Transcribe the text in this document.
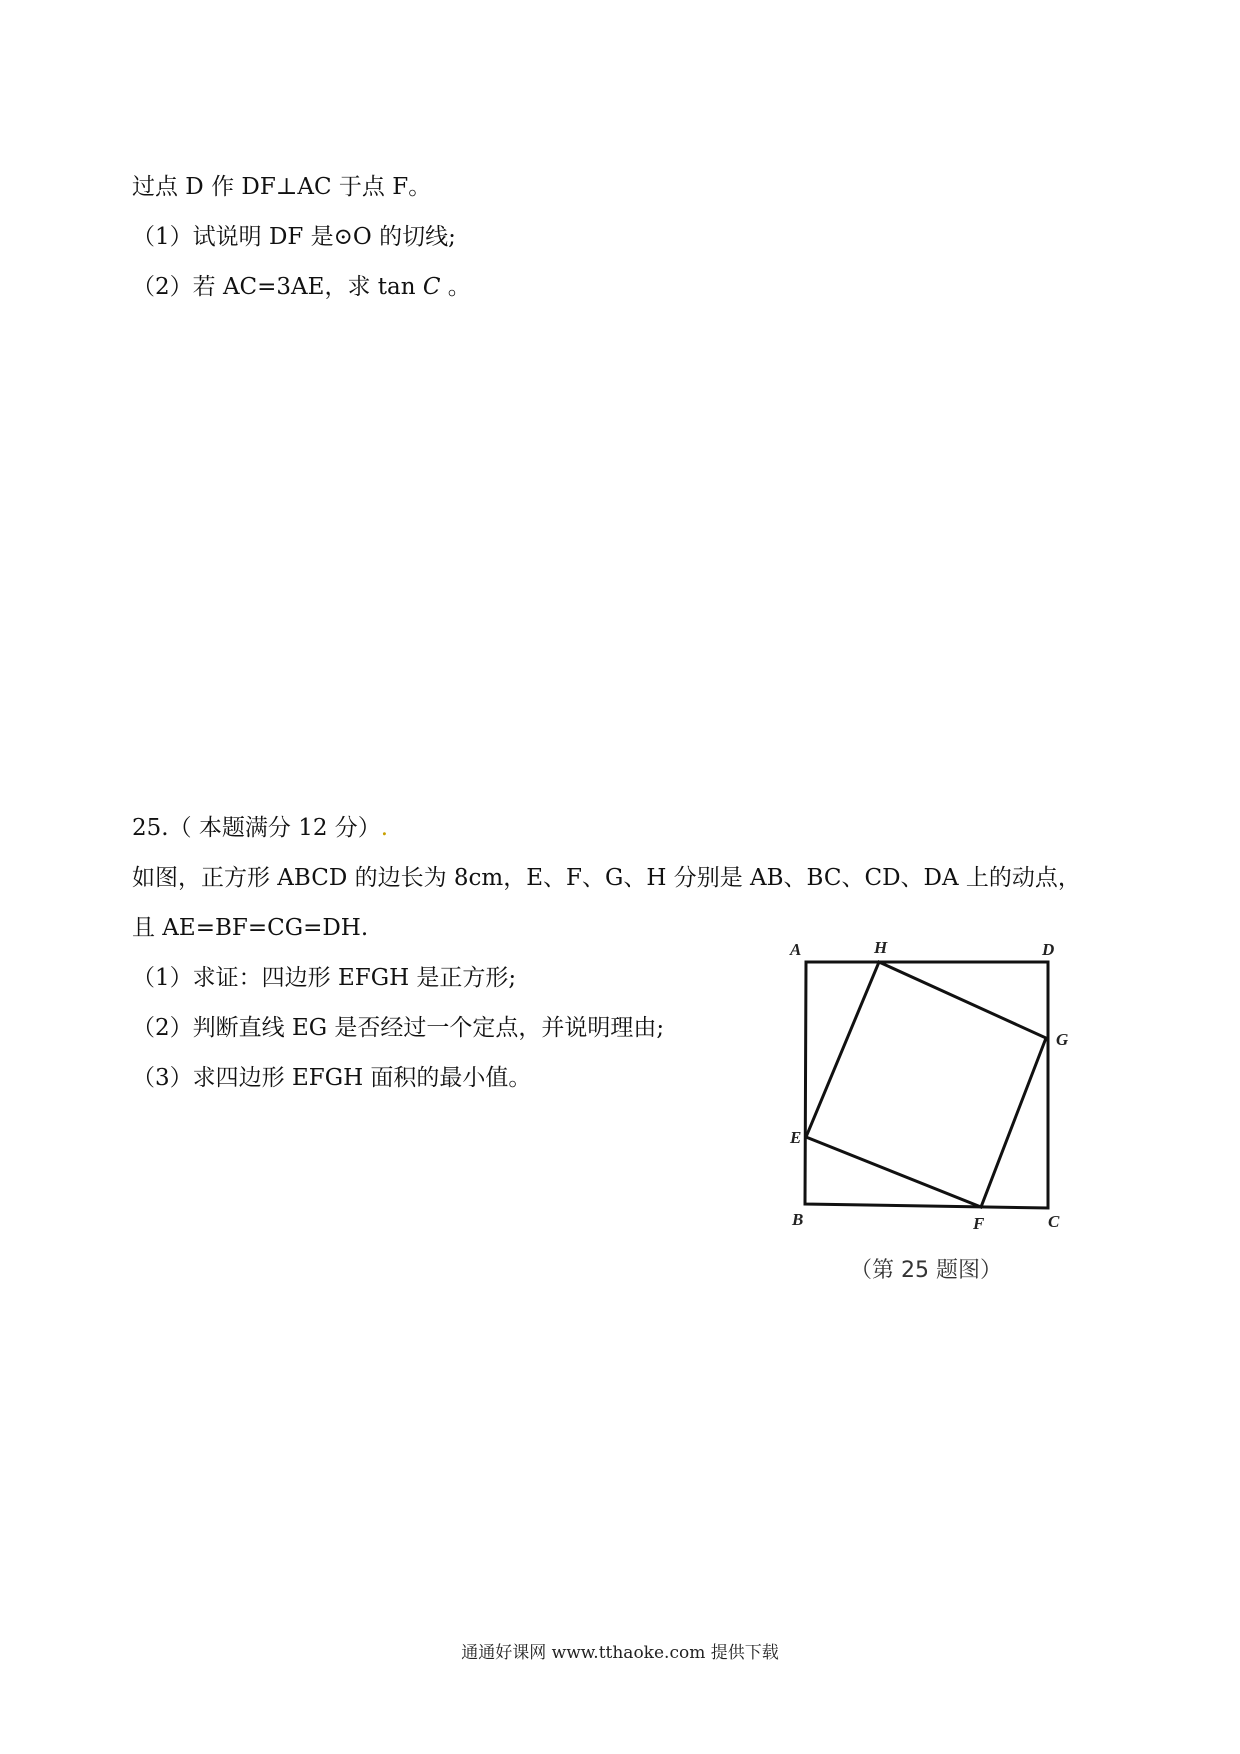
过点 D 作 DF⊥AC 于点 F。
（1）试说明 DF 是⊙O 的切线;
（2）若 AC=3AE，求 tan C 。
25.（ 本题满分 12 分）.
如图，正方形 ABCD 的边长为 8cm，E、F、G、H 分别是 AB、BC、CD、DA 上的动点，
且 AE=BF=CG=DH.
（1）求证：四边形 EFGH 是正方形;
（2）判断直线 EG 是否经过一个定点，并说明理由;
（3）求四边形 EFGH 面积的最小值。
A	H	D
G
E
B	F	C
（第 25 题图）
通通好课网 www.tthaoke.com 提供下载
